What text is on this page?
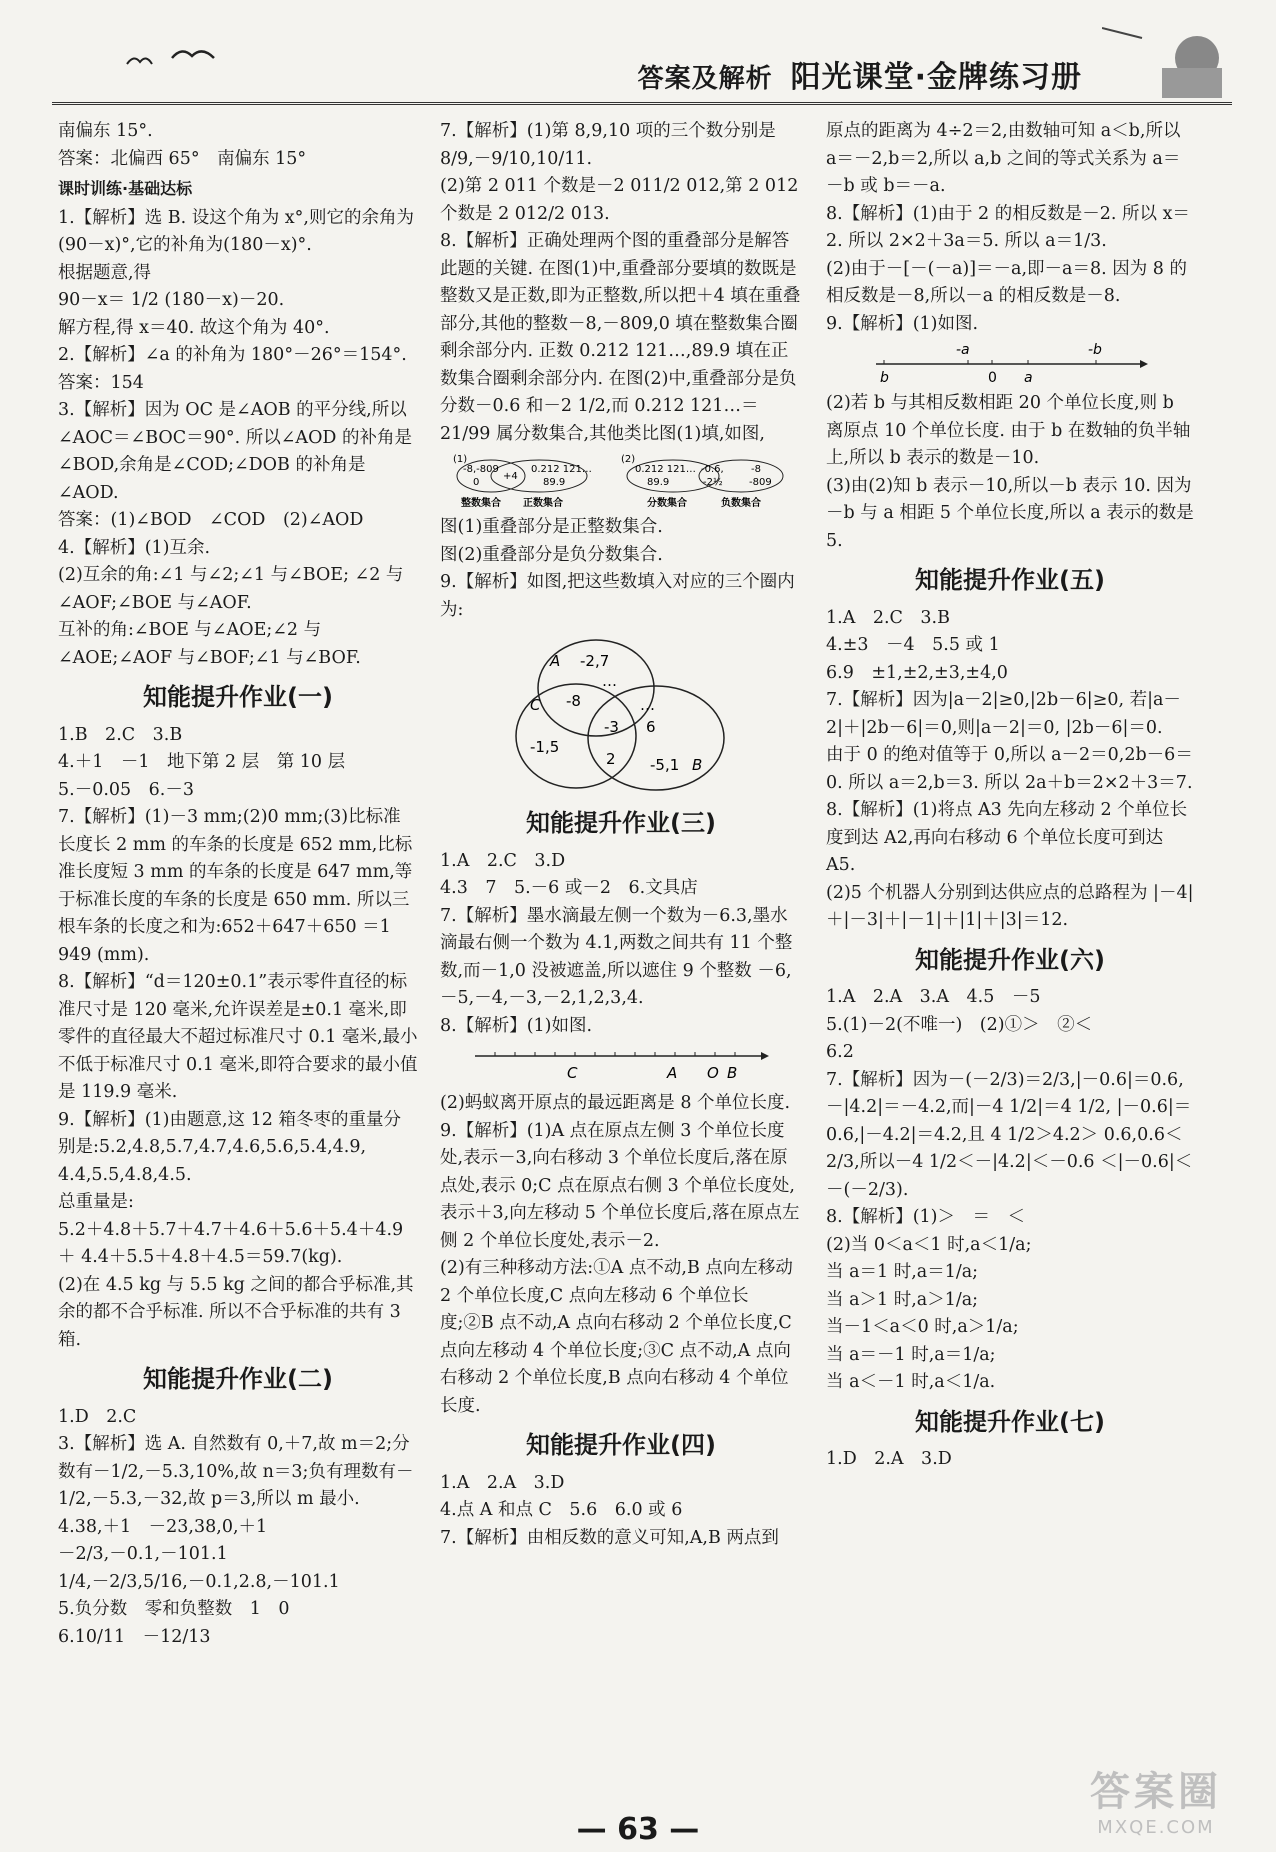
答案及解析 阳光课堂·金牌练习册

南偏东 15°.

答案：北偏西 65°　南偏东 15°

课时训练·基础达标

1.【解析】选 B. 设这个角为 x°,则它的余角为 (90－x)°,它的补角为(180－x)°.

根据题意,得

90－x＝ 1/2 (180－x)－20.

解方程,得 x＝40. 故这个角为 40°.

2.【解析】∠a 的补角为 180°－26°＝154°.

答案：154

3.【解析】因为 OC 是∠AOB 的平分线,所以 ∠AOC＝∠BOC＝90°. 所以∠AOD 的补角是∠BOD,余角是∠COD;∠DOB 的补角是∠AOD.

答案：(1)∠BOD　∠COD　(2)∠AOD

4.【解析】(1)互余.

(2)互余的角:∠1 与∠2;∠1 与∠BOE; ∠2 与∠AOF;∠BOE 与∠AOF.

互补的角:∠BOE 与∠AOE;∠2 与 ∠AOE;∠AOF 与∠BOF;∠1 与∠BOF.

知能提升作业(一)

1.B　2.C　3.B

4.＋1　－1　地下第 2 层　第 10 层

5.－0.05　6.－3

7.【解析】(1)－3 mm;(2)0 mm;(3)比标准长度长 2 mm 的车条的长度是 652 mm,比标准长度短 3 mm 的车条的长度是 647 mm,等于标准长度的车条的长度是 650 mm. 所以三根车条的长度之和为:652＋647＋650 ＝1 949 (mm).

8.【解析】“d＝120±0.1”表示零件直径的标准尺寸是 120 毫米,允许误差是±0.1 毫米,即零件的直径最大不超过标准尺寸 0.1 毫米,最小不低于标准尺寸 0.1 毫米,即符合要求的最小值是 119.9 毫米.

9.【解析】(1)由题意,这 12 箱冬枣的重量分别是:5.2,4.8,5.7,4.7,4.6,5.6,5.4,4.9, 4.4,5.5,4.8,4.5.

总重量是:

5.2＋4.8＋5.7＋4.7＋4.6＋5.6＋5.4＋4.9＋ 4.4＋5.5＋4.8＋4.5＝59.7(kg).

(2)在 4.5 kg 与 5.5 kg 之间的都合乎标准,其余的都不合乎标准. 所以不合乎标准的共有 3 箱.

知能提升作业(二)

1.D　2.C

3.【解析】选 A. 自然数有 0,＋7,故 m＝2;分数有－1/2,－5.3,10%,故 n＝3;负有理数有－1/2,－5.3,－32,故 p＝3,所以 m 最小.

4.38,＋1　－23,38,0,＋1

－2/3,－0.1,－101.1

1/4,－2/3,5/16,－0.1,2.8,－101.1

5.负分数　零和负整数　1　0

6.10/11　－12/13

7.【解析】(1)第 8,9,10 项的三个数分别是 8/9,－9/10,10/11.

(2)第 2 011 个数是－2 011/2 012,第 2 012 个数是 2 012/2 013.

8.【解析】正确处理两个图的重叠部分是解答此题的关键. 在图(1)中,重叠部分要填的数既是整数又是正数,即为正整数,所以把＋4 填在重叠部分,其他的整数－8,－809,0 填在整数集合圈剩余部分内. 正数 0.212 121…,89.9 填在正数集合圈剩余部分内. 在图(2)中,重叠部分是负分数－0.6 和－2 1/2,而 0.212 121…＝21/99 属分数集合,其他类比图(1)填,如图,

(1)
-8,-809
0
+4
0.212 121…
89.9
整数集合 正数集合
(2)
0.212 121…
89.9
-0.6,
-2½
-8
-809
分数集合	负数集合

图(1)重叠部分是正整数集合.

图(2)重叠部分是负分数集合.

9.【解析】如图,把这些数填入对应的三个圈内为:

A -2,7
…
C -8	…
-3 6
-1,5
2 -5,1 B

知能提升作业(三)

1.A　2.C　3.D

4.3　7　5.－6 或－2　6.文具店

7.【解析】墨水滴最左侧一个数为－6.3,墨水滴最右侧一个数为 4.1,两数之间共有 11 个整数,而－1,0 没被遮盖,所以遮住 9 个整数 －6,－5,－4,－3,－2,1,2,3,4.

8.【解析】(1)如图.

C	A O B

(2)蚂蚁离开原点的最远距离是 8 个单位长度.

9.【解析】(1)A 点在原点左侧 3 个单位长度处,表示－3,向右移动 3 个单位长度后,落在原点处,表示 0;C 点在原点右侧 3 个单位长度处,表示＋3,向左移动 5 个单位长度后,落在原点左侧 2 个单位长度处,表示－2.

(2)有三种移动方法:①A 点不动,B 点向左移动 2 个单位长度,C 点向左移动 6 个单位长度;②B 点不动,A 点向右移动 2 个单位长度,C 点向左移动 4 个单位长度;③C 点不动,A 点向右移动 2 个单位长度,B 点向右移动 4 个单位长度.

知能提升作业(四)

1.A　2.A　3.D

4.点 A 和点 C　5.6　6.0 或 6

7.【解析】由相反数的意义可知,A,B 两点到

原点的距离为 4÷2＝2,由数轴可知 a＜b,所以 a＝－2,b＝2,所以 a,b 之间的等式关系为 a＝－b 或 b＝－a.

8.【解析】(1)由于 2 的相反数是－2. 所以 x＝2. 所以 2×2＋3a＝5. 所以 a＝1/3.

(2)由于－[－(－a)]＝－a,即－a＝8. 因为 8 的相反数是－8,所以－a 的相反数是－8.

9.【解析】(1)如图.

-a	-b
b	0 a

(2)若 b 与其相反数相距 20 个单位长度,则 b 离原点 10 个单位长度. 由于 b 在数轴的负半轴上,所以 b 表示的数是－10.

(3)由(2)知 b 表示－10,所以－b 表示 10. 因为－b 与 a 相距 5 个单位长度,所以 a 表示的数是 5.

知能提升作业(五)

1.A　2.C　3.B

4.±3　－4　5.5 或 1

6.9　±1,±2,±3,±4,0

7.【解析】因为|a－2|≥0,|2b－6|≥0, 若|a－2|＋|2b－6|＝0,则|a－2|＝0, |2b－6|＝0.

由于 0 的绝对值等于 0,所以 a－2＝0,2b－6＝0. 所以 a＝2,b＝3. 所以 2a＋b＝2×2＋3＝7.

8.【解析】(1)将点 A3 先向左移动 2 个单位长度到达 A2,再向右移动 6 个单位长度可到达 A5.

(2)5 个机器人分别到达供应点的总路程为 |－4|＋|－3|＋|－1|＋|1|＋|3|＝12.

知能提升作业(六)

1.A　2.A　3.A　4.5　－5

5.(1)－2(不唯一)　(2)①＞　②＜

6.2

7.【解析】因为－(－2/3)＝2/3,|－0.6|＝0.6, －|4.2|＝－4.2,而|－4 1/2|＝4 1/2, |－0.6|＝0.6,|－4.2|＝4.2,且 4 1/2＞4.2＞ 0.6,0.6＜2/3,所以－4 1/2＜－|4.2|＜－0.6 ＜|－0.6|＜－(－2/3).

8.【解析】(1)＞　＝　＜

(2)当 0＜a＜1 时,a＜1/a;

当 a＝1 时,a＝1/a;

当 a＞1 时,a＞1/a;

当－1＜a＜0 时,a＞1/a;

当 a＝－1 时,a＝1/a;

当 a＜－1 时,a＜1/a.

知能提升作业(七)

1.D　2.A　3.D

— 63 —
答案圈
MXQE.COM
